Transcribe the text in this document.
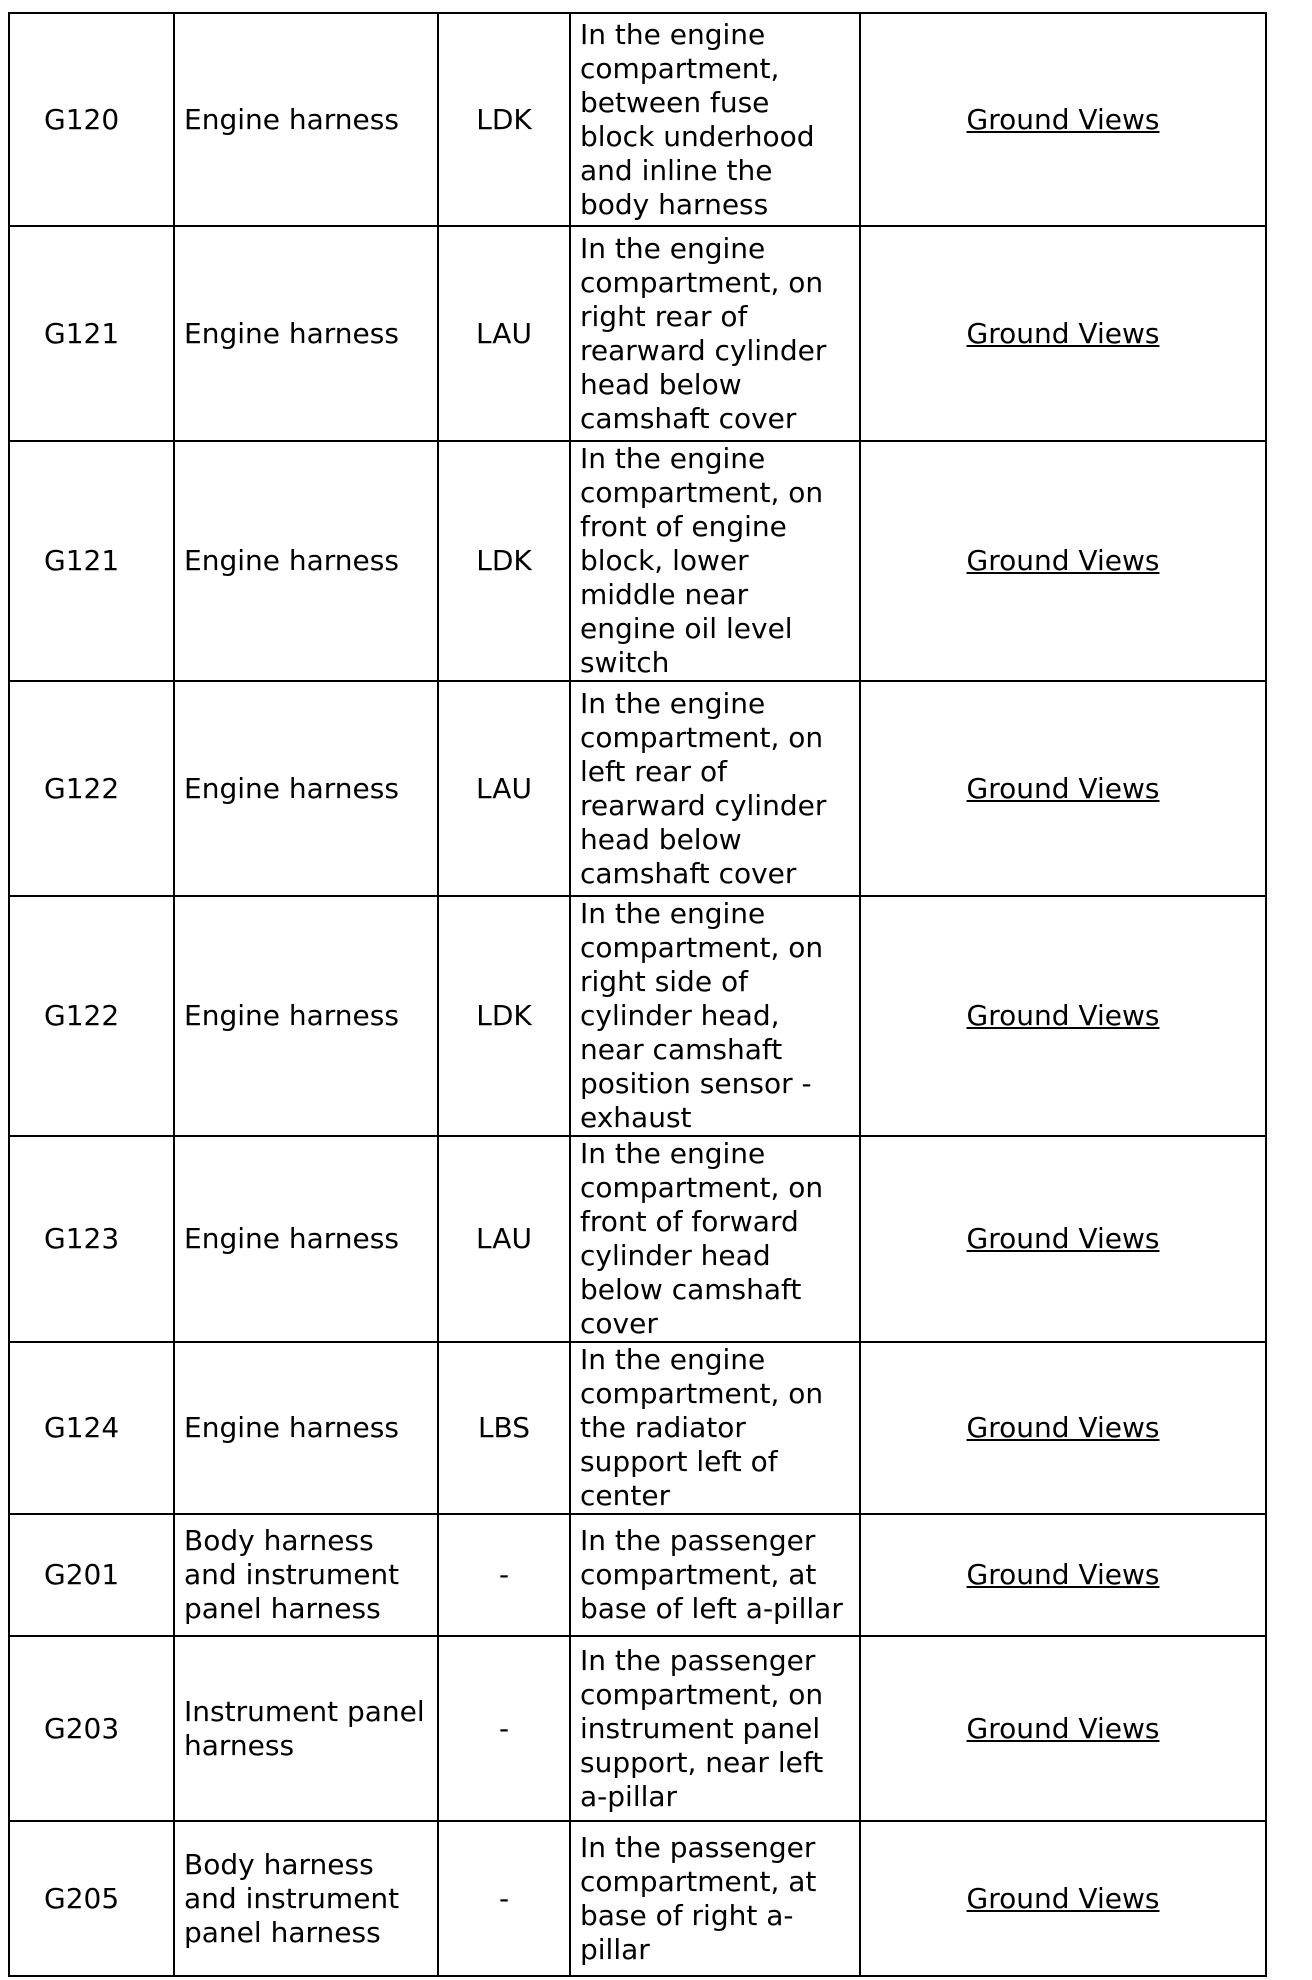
G120	Engine harness	LDK	In the engine compartment, between fuse block underhood and inline the body harness	Ground Views
G121	Engine harness	LAU	In the engine compartment, on right rear of rearward cylinder head below camshaft cover	Ground Views
G121	Engine harness	LDK	In the engine compartment, on front of engine block, lower middle near engine oil level switch	Ground Views
G122	Engine harness	LAU	In the engine compartment, on left rear of rearward cylinder head below camshaft cover	Ground Views
G122	Engine harness	LDK	In the engine compartment, on right side of cylinder head, near camshaft position sensor - exhaust	Ground Views
G123	Engine harness	LAU	In the engine compartment, on front of forward cylinder head below camshaft cover	Ground Views
G124	Engine harness	LBS	In the engine compartment, on the radiator support left of center	Ground Views
G201	Body harness and instrument panel harness	-	In the passenger compartment, at base of left a-pillar	Ground Views
G203	Instrument panel harness	-	In the passenger compartment, on instrument panel support, near left a-pillar	Ground Views
G205	Body harness and instrument panel harness	-	In the passenger compartment, at base of right a-pillar	Ground Views
